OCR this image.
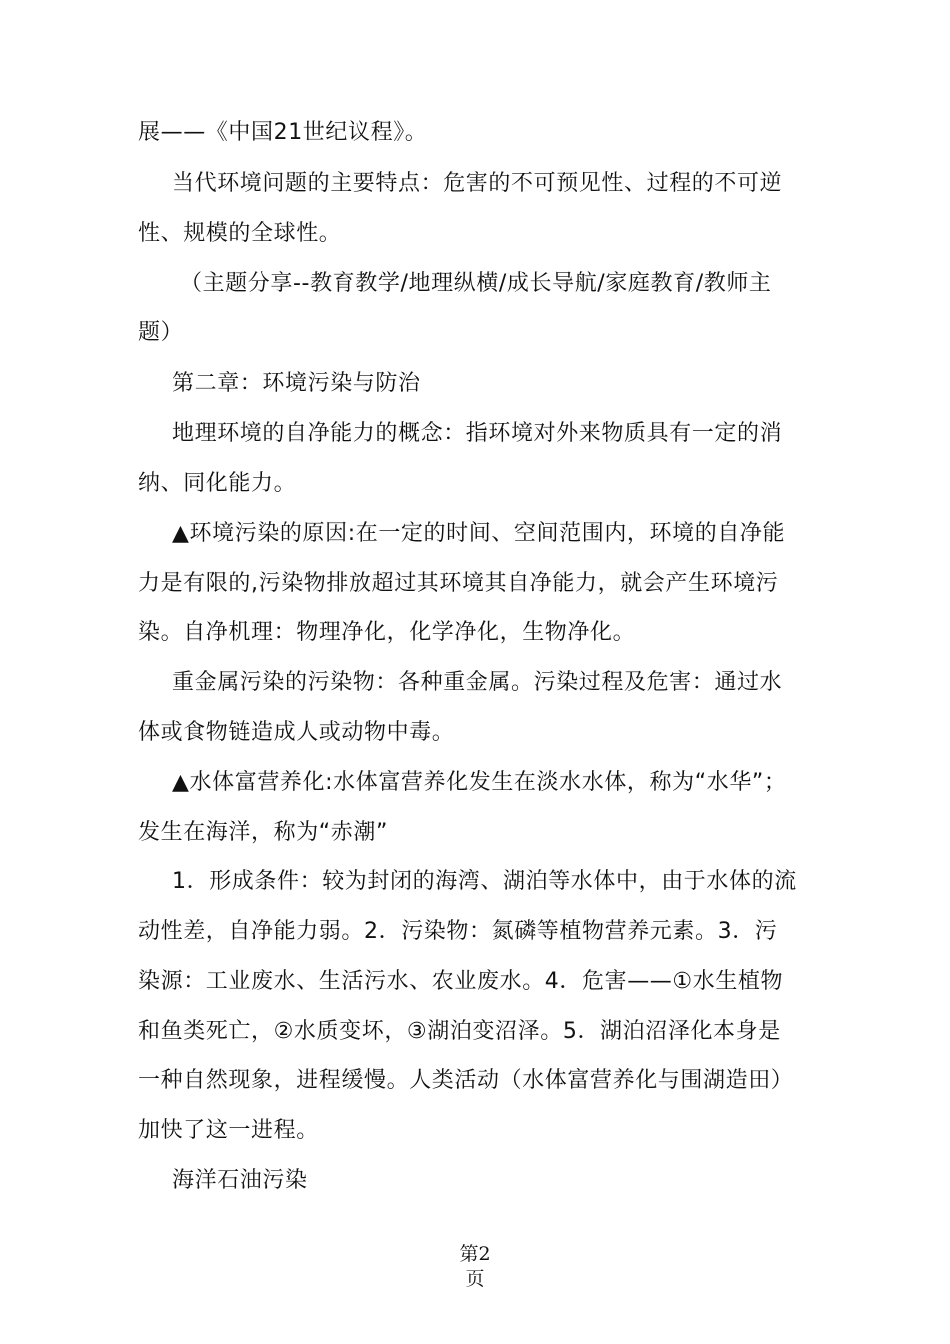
展——《中国21世纪议程》。
当代环境问题的主要特点：危害的不可预见性、过程的不可逆
性、规模的全球性。
（主题分享--教育教学/地理纵横/成长导航/家庭教育/教师主
题）
第二章：环境污染与防治
地理环境的自净能力的概念：指环境对外来物质具有一定的消
纳、同化能力。
▲环境污染的原因:在一定的时间、空间范围内，环境的自净能
力是有限的,污染物排放超过其环境其自净能力，就会产生环境污
染。自净机理：物理净化，化学净化，生物净化。
重金属污染的污染物：各种重金属。污染过程及危害：通过水
体或食物链造成人或动物中毒。
▲水体富营养化:水体富营养化发生在淡水水体，称为“水华”；
发生在海洋，称为“赤潮”
1．形成条件：较为封闭的海湾、湖泊等水体中，由于水体的流
动性差，自净能力弱。2．污染物：氮磷等植物营养元素。3．污
染源：工业废水、生活污水、农业废水。4．危害——①水生植物
和鱼类死亡，②水质变坏，③湖泊变沼泽。5．湖泊沼泽化本身是
一种自然现象，进程缓慢。人类活动（水体富营养化与围湖造田）
加快了这一进程。
海洋石油污染
第2
页
